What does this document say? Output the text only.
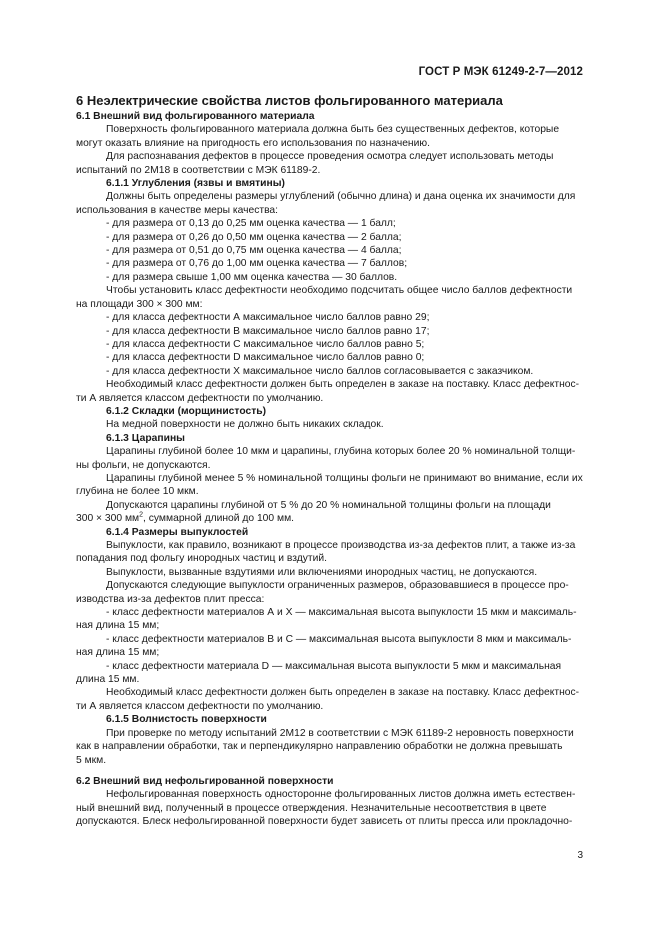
ГОСТ Р МЭК 61249-2-7—2012

6 Неэлектрические свойства листов фольгированного материала

6.1 Внешний вид фольгированного материала

Поверхность фольгированного материала должна быть без существенных дефектов, которые

могут оказать влияние на пригодность его использования по назначению.

Для распознавания дефектов в процессе проведения осмотра следует использовать методы

испытаний по 2М18 в соответствии с МЭК 61189-2.

6.1.1 Углубления (язвы и вмятины)

Должны быть определены размеры углублений (обычно длина) и дана оценка их значимости для

использования в качестве меры качества:

- для размера от 0,13 до 0,25 мм оценка качества — 1 балл;

- для размера от 0,26 до 0,50 мм оценка качества — 2 балла;

- для размера от 0,51 до 0,75 мм оценка качества — 4 балла;

- для размера от 0,76 до 1,00 мм оценка качества — 7 баллов;

- для размера свыше 1,00 мм оценка качества — 30 баллов.

Чтобы установить класс дефектности необходимо подсчитать общее число баллов дефектности

на площади 300 × 300 мм:

- для класса дефектности А максимальное число баллов равно 29;

- для класса дефектности В максимальное число баллов равно 17;

- для класса дефектности С максимальное число баллов равно 5;

- для класса дефектности D максимальное число баллов равно 0;

- для класса дефектности Х максимальное число баллов согласовывается с заказчиком.

Необходимый класс дефектности должен быть определен в заказе на поставку. Класс дефектнос-

ти А является классом дефектности по умолчанию.

6.1.2 Складки (морщинистость)

На медной поверхности не должно быть никаких складок.

6.1.3 Царапины

Царапины глубиной более 10 мкм и царапины, глубина которых более 20 % номинальной толщи-

ны фольги, не допускаются.

Царапины глубиной менее 5 % номинальной толщины фольги не принимают во внимание, если их

глубина не более 10 мкм.

Допускаются царапины глубиной от 5 % до 20 % номинальной толщины фольги на площади

300 × 300 $мм^2$, суммарной длиной до 100 мм.

6.1.4 Размеры выпуклостей

Выпуклости, как правило, возникают в процессе производства из-за дефектов плит, а также из-за

попадания под фольгу инородных частиц и вздутий.

Выпуклости, вызванные вздутиями или включениями инородных частиц, не допускаются.

Допускаются следующие выпуклости ограниченных размеров, образовавшиеся в процессе про-

изводства из-за дефектов плит пресса:

- класс дефектности материалов А и Х — максимальная высота выпуклости 15 мкм и максималь-

ная длина 15 мм;

- класс дефектности материалов В и С — максимальная высота выпуклости 8 мкм и максималь-

ная длина 15 мм;

- класс дефектности материала D — максимальная высота выпуклости 5 мкм и максимальная

длина 15 мм.

Необходимый класс дефектности должен быть определен в заказе на поставку. Класс дефектнос-

ти А является классом дефектности по умолчанию.

6.1.5 Волнистость поверхности

При проверке по методу испытаний 2М12 в соответствии с МЭК 61189-2 неровность поверхности

как в направлении обработки, так и перпендикулярно направлению обработки не должна превышать

5 мкм.

6.2 Внешний вид нефольгированной поверхности

Нефольгированная поверхность односторонне фольгированных листов должна иметь естествен-

ный внешний вид, полученный в процессе отверждения. Незначительные несоответствия в цвете

допускаются. Блеск нефольгированной поверхности будет зависеть от плиты пресса или прокладочно-

3
